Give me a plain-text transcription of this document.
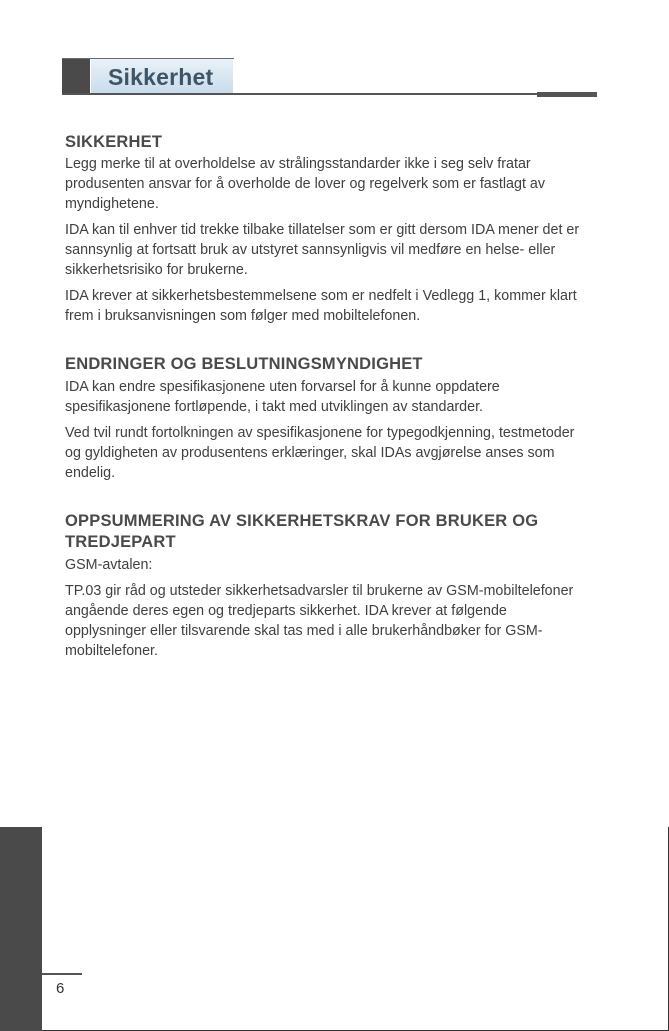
Sikkerhet
SIKKERHET

Legg merke til at overholdelse av strålingsstandarder ikke i seg selv fratar produsenten ansvar for å overholde de lover og regelverk som er fastlagt av myndighetene.

IDA kan til enhver tid trekke tilbake tillatelser som er gitt dersom IDA mener det er sannsynlig at fortsatt bruk av utstyret sannsynligvis vil medføre en helse- eller sikkerhetsrisiko for brukerne.

IDA krever at sikkerhetsbestemmelsene som er nedfelt i Vedlegg 1, kommer klart frem i bruksanvisningen som følger med mobiltelefonen.

ENDRINGER OG BESLUTNINGSMYNDIGHET

IDA kan endre spesifikasjonene uten forvarsel for å kunne oppdatere spesifikasjonene fortløpende, i takt med utviklingen av standarder.

Ved tvil rundt fortolkningen av spesifikasjonene for typegodkjenning, testmetoder og gyldigheten av produsentens erklæringer, skal IDAs avgjørelse anses som endelig.

OPPSUMMERING AV SIKKERHETSKRAV FOR BRUKER OG TREDJEPART

GSM-avtalen:

TP.03 gir råd og utsteder sikkerhetsadvarsler til brukerne av GSM-mobiltelefoner angående deres egen og tredjeparts sikkerhet. IDA krever at følgende opplysninger eller tilsvarende skal tas med i alle brukerhåndbøker for GSM-mobiltelefoner.

6
